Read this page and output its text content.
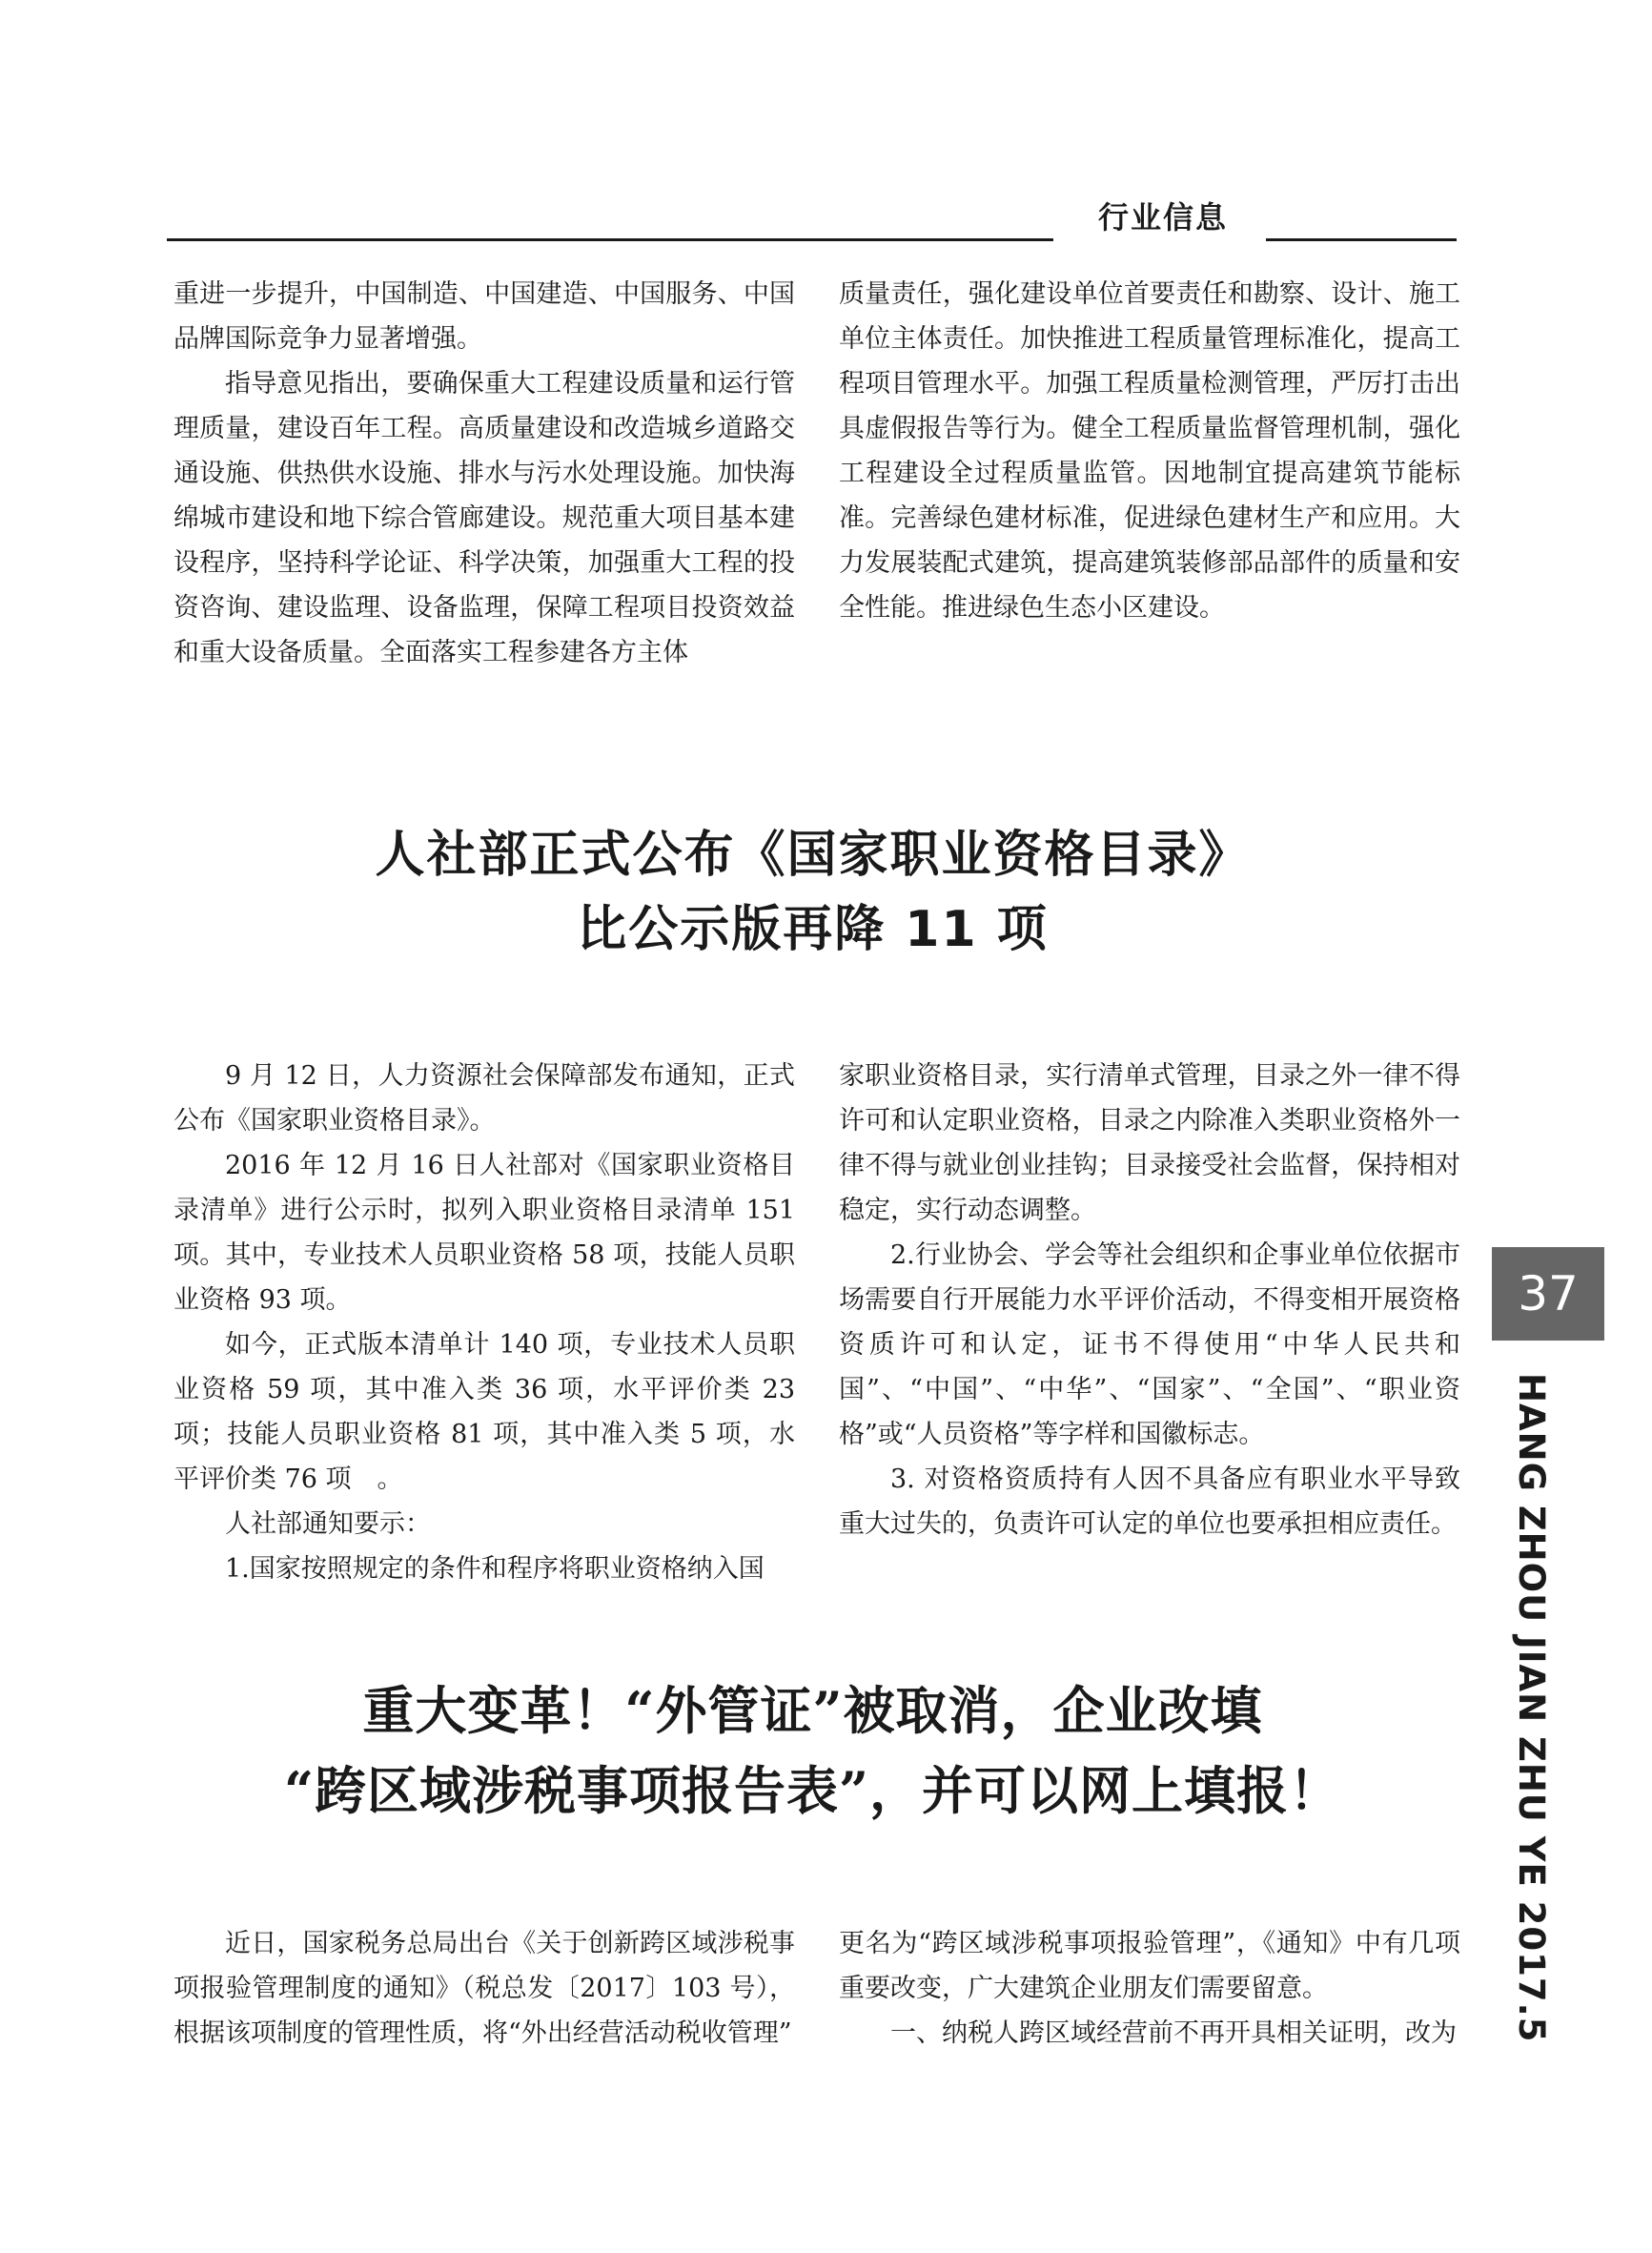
行业信息

重进一步提升，中国制造、中国建造、中国服务、中国品牌国际竞争力显著增强。

指导意见指出，要确保重大工程建设质量和运行管理质量，建设百年工程。高质量建设和改造城乡道路交通设施、供热供水设施、排水与污水处理设施。加快海绵城市建设和地下综合管廊建设。规范重大项目基本建设程序，坚持科学论证、科学决策，加强重大工程的投资咨询、建设监理、设备监理，保障工程项目投资效益和重大设备质量。全面落实工程参建各方主体

质量责任，强化建设单位首要责任和勘察、设计、施工单位主体责任。加快推进工程质量管理标准化，提高工程项目管理水平。加强工程质量检测管理，严厉打击出具虚假报告等行为。健全工程质量监督管理机制，强化工程建设全过程质量监管。因地制宜提高建筑节能标准。完善绿色建材标准，促进绿色建材生产和应用。大力发展装配式建筑，提高建筑装修部品部件的质量和安全性能。推进绿色生态小区建设。

人社部正式公布《国家职业资格目录》
比公示版再降 11 项

9 月 12 日，人力资源社会保障部发布通知，正式公布《国家职业资格目录》。

2016 年 12 月 16 日人社部对《国家职业资格目录清单》进行公示时，拟列入职业资格目录清单 151 项。其中，专业技术人员职业资格 58 项，技能人员职业资格 93 项。

如今，正式版本清单计 140 项，专业技术人员职业资格 59 项，其中准入类 36 项，水平评价类 23 项；技能人员职业资格 81 项，其中准入类 5 项，水平评价类 76 项　。

人社部通知要示：

1.国家按照规定的条件和程序将职业资格纳入国

家职业资格目录，实行清单式管理，目录之外一律不得许可和认定职业资格，目录之内除准入类职业资格外一律不得与就业创业挂钩；目录接受社会监督，保持相对稳定，实行动态调整。

2.行业协会、学会等社会组织和企事业单位依据市场需要自行开展能力水平评价活动，不得变相开展资格资质许可和认定，证书不得使用“中华人民共和国”、“中国”、“中华”、“国家”、“全国”、“职业资格”或“人员资格”等字样和国徽标志。

3. 对资格资质持有人因不具备应有职业水平导致重大过失的，负责许可认定的单位也要承担相应责任。

重大变革！“外管证”被取消，企业改填
“跨区域涉税事项报告表”，并可以网上填报！

近日，国家税务总局出台《关于创新跨区域涉税事项报验管理制度的通知》（税总发〔2017〕103 号），根据该项制度的管理性质，将“外出经营活动税收管理”

更名为“跨区域涉税事项报验管理”，《通知》中有几项重要改变，广大建筑企业朋友们需要留意。

一、纳税人跨区域经营前不再开具相关证明，改为

37
HANG ZHOU JIAN ZHU YE 2017.5
